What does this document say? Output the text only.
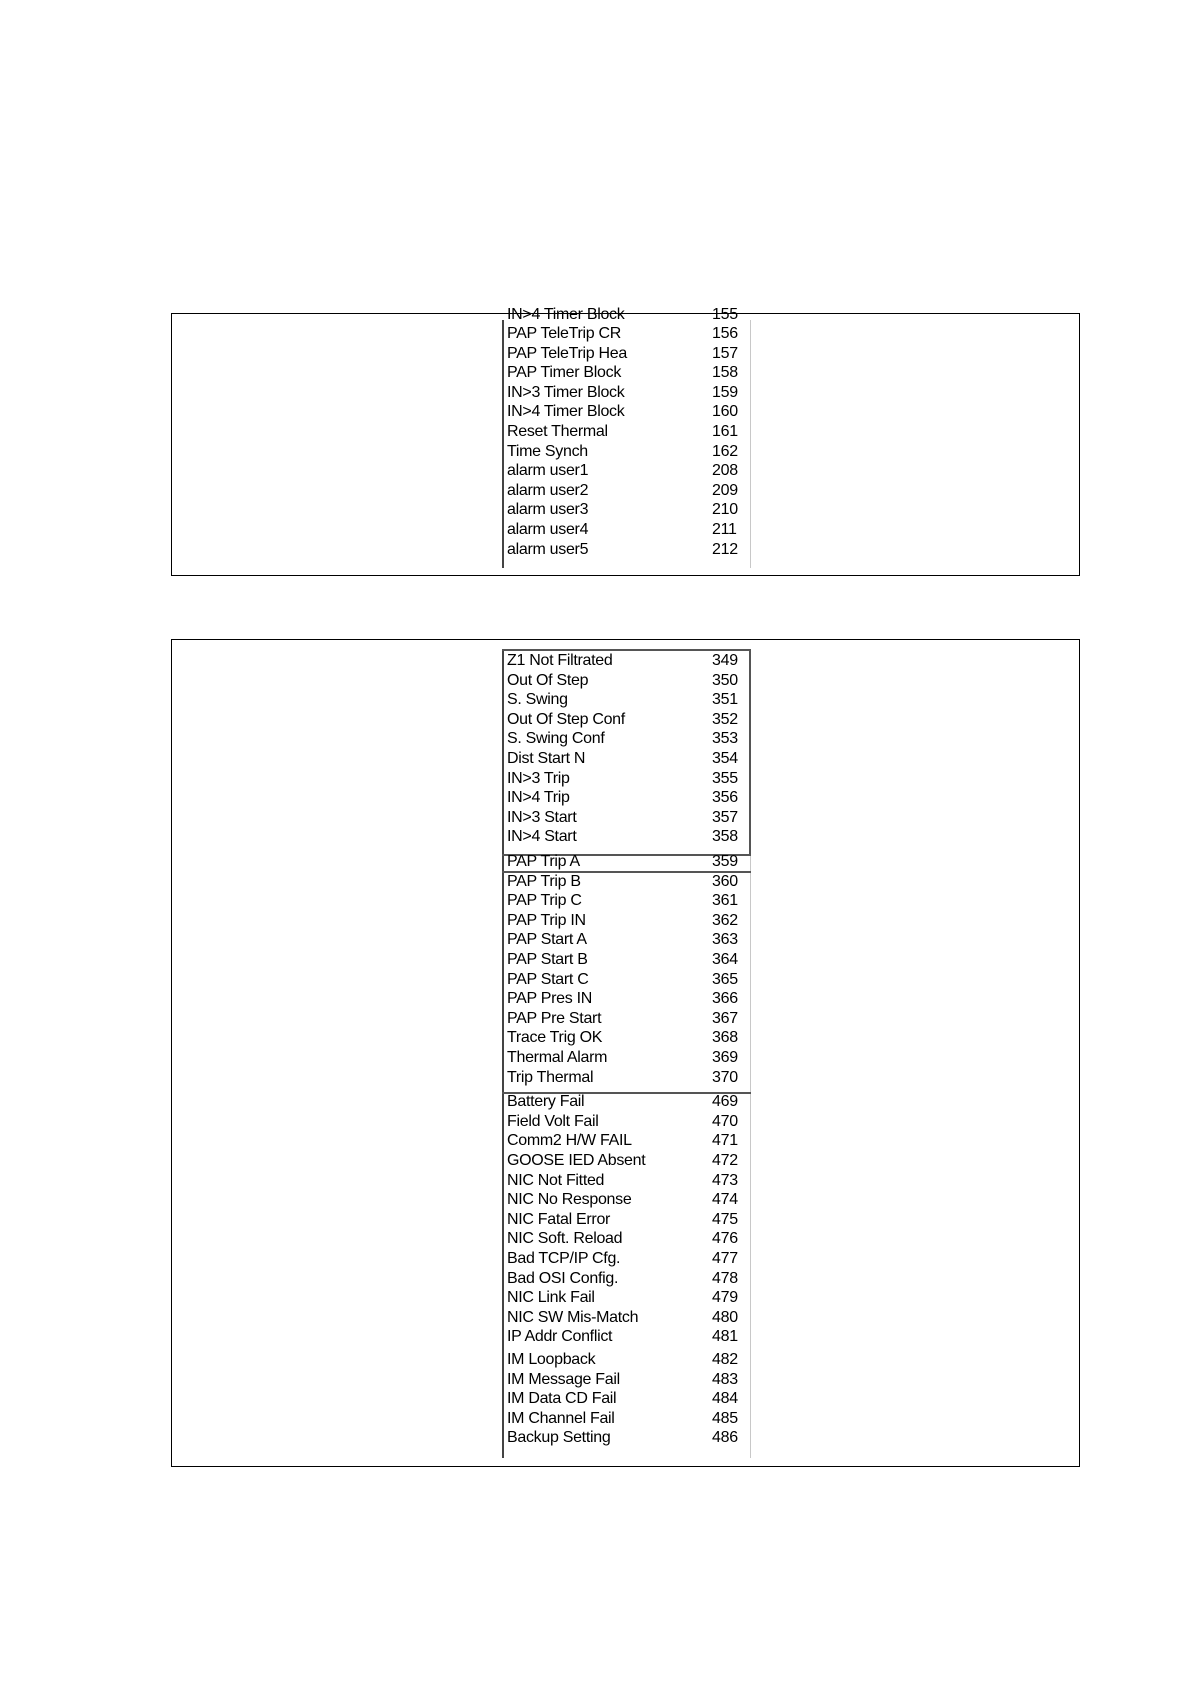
IN>4 Timer Block	155
PAP TeleTrip CR	156
PAP TeleTrip Hea	157
PAP Timer Block	158
IN>3 Timer Block	159
IN>4 Timer Block	160
Reset Thermal	161
Time Synch	162
alarm user1	208
alarm user2	209
alarm user3	210
alarm user4	211
alarm user5	212
Z1 Not Filtrated	349
Out Of Step	350
S. Swing	351
Out Of Step Conf	352
S. Swing Conf	353
Dist Start N	354
IN>3 Trip	355
IN>4 Trip	356
IN>3 Start	357
IN>4 Start	358
PAP Trip A	359
PAP Trip B	360
PAP Trip C	361
PAP Trip IN	362
PAP Start A	363
PAP Start B	364
PAP Start C	365
PAP Pres IN	366
PAP Pre Start	367
Trace Trig OK	368
Thermal Alarm	369
Trip Thermal	370
Battery Fail	469
Field Volt Fail	470
Comm2 H/W FAIL	471
GOOSE IED Absent	472
NIC Not Fitted	473
NIC No Response	474
NIC Fatal Error	475
NIC Soft. Reload	476
Bad TCP/IP Cfg.	477
Bad OSI Config.	478
NIC Link Fail	479
NIC SW Mis-Match	480
IP Addr Conflict	481
IM Loopback	482
IM Message Fail	483
IM Data CD Fail	484
IM Channel Fail	485
Backup Setting	486
